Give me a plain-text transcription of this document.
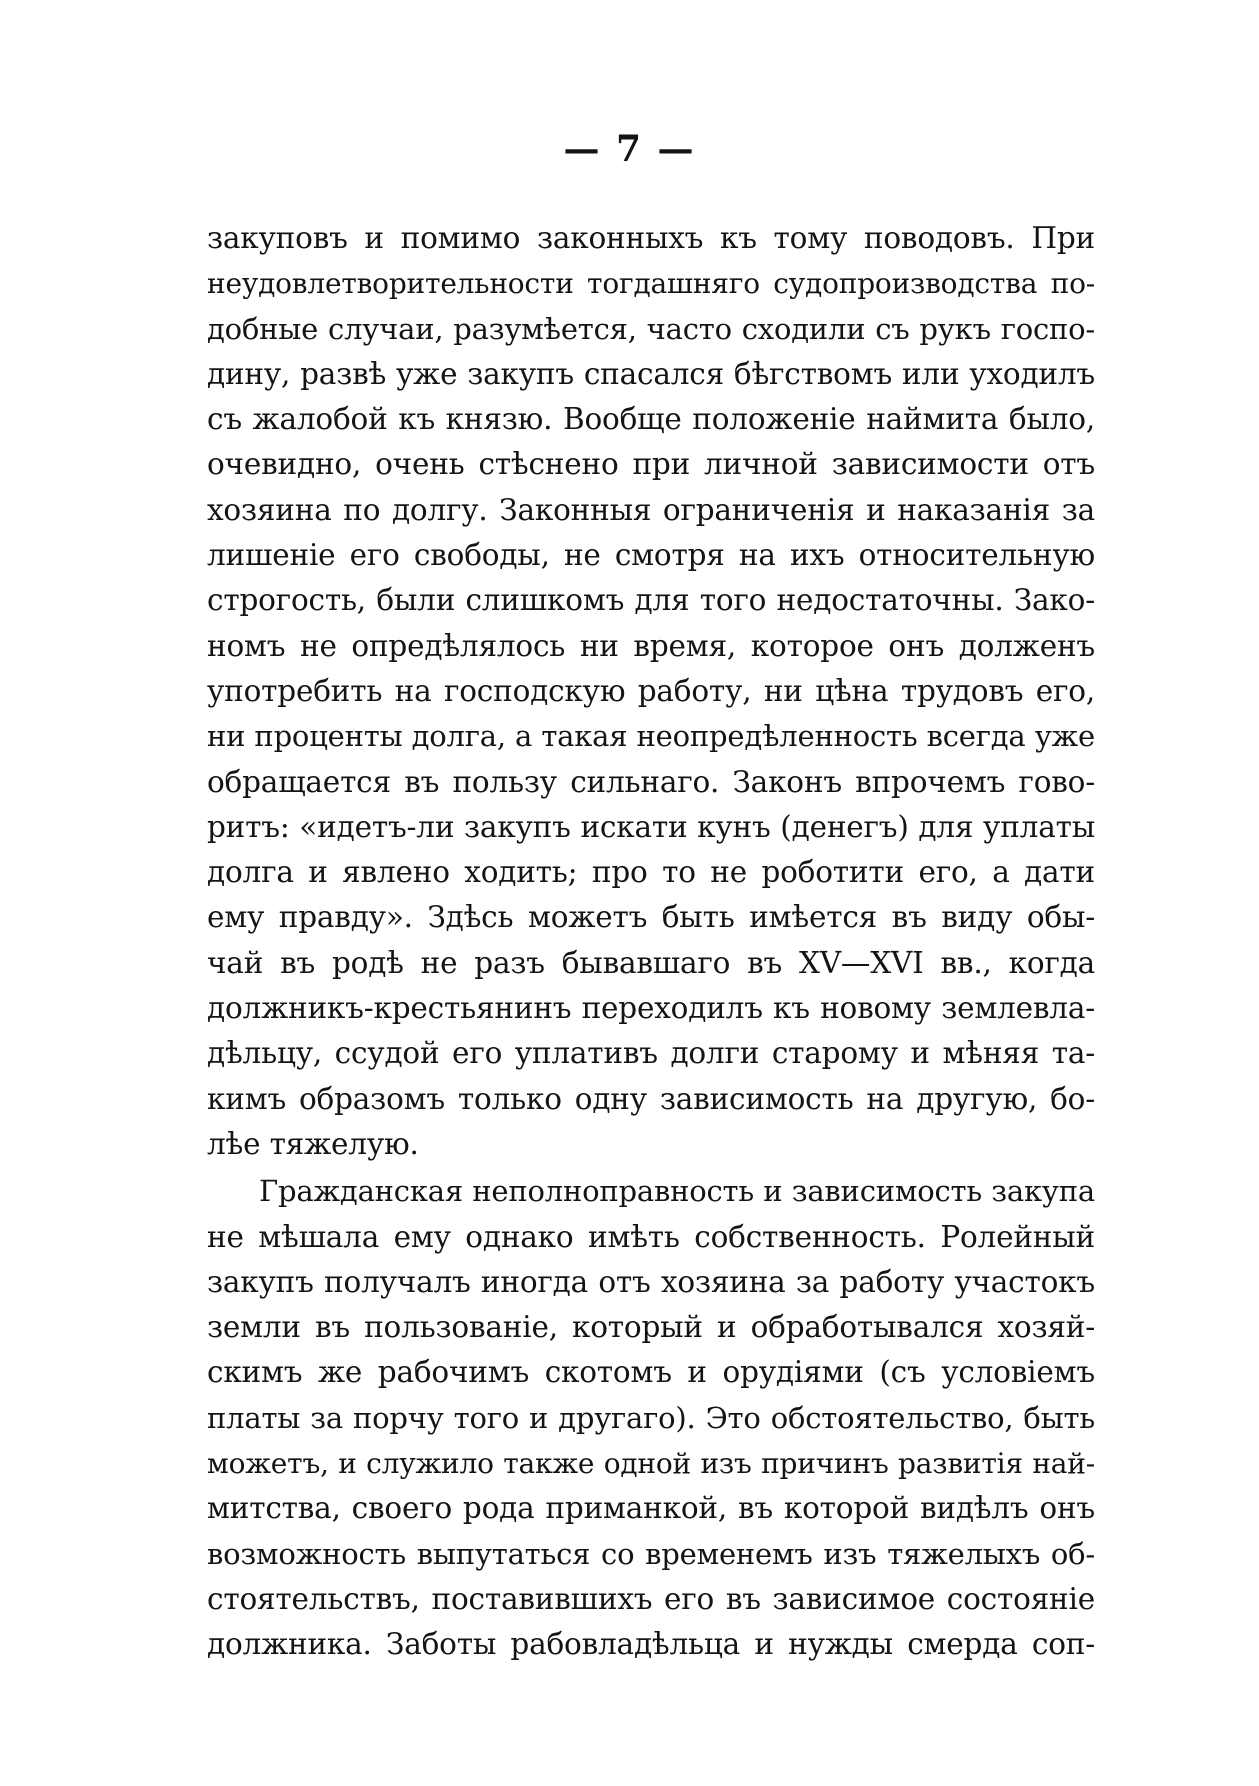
— 7 —
закуповъ и помимо законныхъ къ тому поводовъ. При
неудовлетворительности тогдашняго судопроизводства по-
добные случаи, разумѣется, часто сходили съ рукъ госпо-
дину, развѣ уже закупъ спасался бѣгствомъ или уходилъ
съ жалобой къ князю. Вообще положенiе наймита было,
очевидно, очень стѣснено при личной зависимости отъ
хозяина по долгу. Законныя ограниченiя и наказанiя за
лишенiе его свободы, не смотря на ихъ относительную
строгость, были слишкомъ для того недостаточны. Зако-
номъ не опредѣлялось ни время, которое онъ долженъ
употребить на господскую работу, ни цѣна трудовъ его,
ни проценты долга, а такая неопредѣленность всегда уже
обращается въ пользу сильнаго. Законъ впрочемъ гово-
ритъ: «идетъ-ли закупъ искати кунъ (денегъ) для уплаты
долга и явлено ходить; про то не роботити его, а дати
ему правду». Здѣсь можетъ быть имѣется въ виду обы-
чай въ родѣ не разъ бывавшаго въ XV—XVI вв., когда
должникъ-крестьянинъ переходилъ къ новому землевла-
дѣльцу, ссудой его уплативъ долги старому и мѣняя та-
кимъ образомъ только одну зависимость на другую, бо-
лѣе тяжелую.
Гражданская неполноправность и зависимость закупа
не мѣшала ему однако имѣть собственность. Ролейный
закупъ получалъ иногда отъ хозяина за работу участокъ
земли въ пользованiе, который и обработывался хозяй-
скимъ же рабочимъ скотомъ и орудiями (съ условiемъ
платы за порчу того и другаго). Это обстоятельство, быть
можетъ, и служило также одной изъ причинъ развитiя най-
митства, своего рода приманкой, въ которой видѣлъ онъ
возможность выпутаться со временемъ изъ тяжелыхъ об-
стоятельствъ, поставившихъ его въ зависимое состоянiе
должника. Заботы рабовладѣльца и нужды смерда соп-
